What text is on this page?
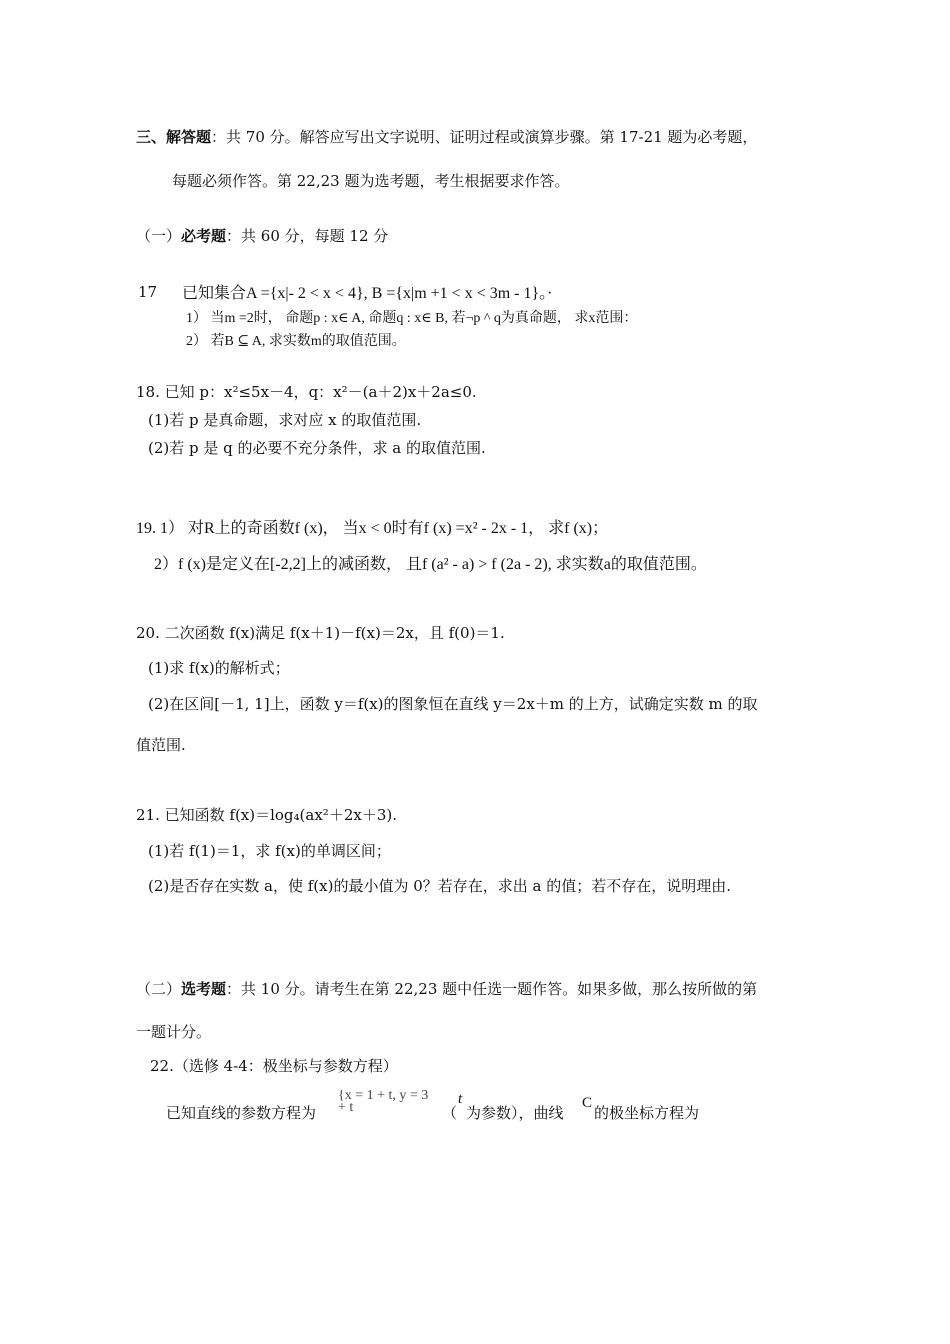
三、解答题：共 70 分。解答应写出文字说明、证明过程或演算步骤。第 17-21 题为必考题，
每题必须作答。第 22,23 题为选考题，考生根据要求作答。
（一）必考题：共 60 分，每题 12 分
17 已知集合A ={x|- 2 < x < 4}, B ={x|m +1 < x < 3m - 1}。·
1） 当m =2时， 命题p : x∈ A, 命题q : x∈ B, 若¬p ^ q为真命题， 求x范围：
2） 若B ⊆ A, 求实数m的取值范围。
18. 已知 p：x²≤5x－4，q：x²－(a＋2)x＋2a≤0.
(1)若 p 是真命题，求对应 x 的取值范围.
(2)若 p 是 q 的必要不充分条件，求 a 的取值范围.
19. 1） 对R上的奇函数f (x)， 当x < 0时有f (x) =x² - 2x - 1， 求f (x)；
2）f (x)是定义在[-2,2]上的减函数， 且f (a² - a) > f (2a - 2), 求实数a的取值范围。
20. 二次函数 f(x)满足 f(x＋1)－f(x)＝2x，且 f(0)＝1.
(1)求 f(x)的解析式；
(2)在区间[－1, 1]上，函数 y＝f(x)的图象恒在直线 y＝2x＋m 的上方，试确定实数 m 的取
值范围.
21. 已知函数 f(x)＝log₄(ax²＋2x＋3).
(1)若 f(1)＝1，求 f(x)的单调区间；
(2)是否存在实数 a，使 f(x)的最小值为 0？若存在，求出 a 的值；若不存在，说明理由.
（二）选考题：共 10 分。请考生在第 22,23 题中任选一题作答。如果多做，那么按所做的第
一题计分。
22.（选修 4-4：极坐标与参数方程）
已知直线的参数方程为
{x = 1 + t, y = 3 + t	（
t
为参数），曲线
C
的极坐标方程为
